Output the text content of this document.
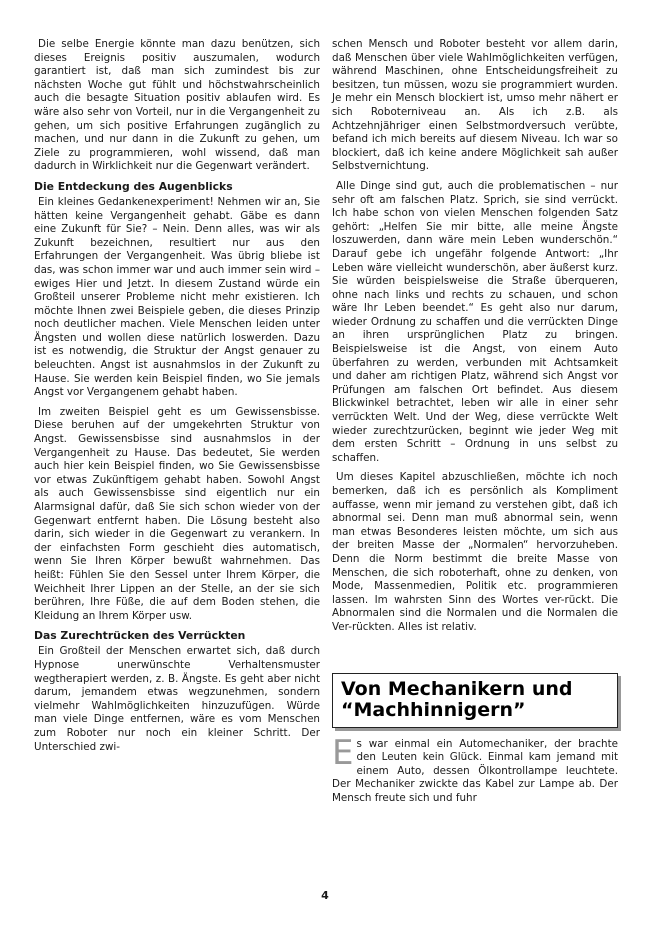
Die selbe Energie könnte man dazu benützen, sich dieses Ereignis positiv auszumalen, wodurch garantiert ist, daß man sich zumindest bis zur nächsten Woche gut fühlt und höchstwahrscheinlich auch die besagte Situation positiv ablaufen wird. Es wäre also sehr von Vorteil, nur in die Vergangenheit zu gehen, um sich positive Erfahrungen zugänglich zu machen, und nur dann in die Zukunft zu gehen, um Ziele zu programmieren, wohl wissend, daß man dadurch in Wirklichkeit nur die Gegenwart verändert.

Die Entdeckung des Augenblicks

Ein kleines Gedankenexperiment! Nehmen wir an, Sie hätten keine Vergangenheit gehabt. Gäbe es dann eine Zukunft für Sie? – Nein. Denn alles, was wir als Zukunft bezeichnen, resultiert nur aus den Erfahrungen der Vergangenheit. Was übrig bliebe ist das, was schon immer war und auch immer sein wird – ewiges Hier und Jetzt. In diesem Zustand würde ein Großteil unserer Probleme nicht mehr existieren. Ich möchte Ihnen zwei Beispiele geben, die dieses Prinzip noch deutlicher machen. Viele Menschen leiden unter Ängsten und wollen diese natürlich loswerden. Dazu ist es notwendig, die Struktur der Angst genauer zu beleuchten. Angst ist ausnahmslos in der Zukunft zu Hause. Sie werden kein Beispiel finden, wo Sie jemals Angst vor Vergangenem gehabt haben.

Im zweiten Beispiel geht es um Gewissensbisse. Diese beruhen auf der umgekehrten Struktur von Angst. Gewissensbisse sind ausnahmslos in der Vergangenheit zu Hause. Das bedeutet, Sie werden auch hier kein Beispiel finden, wo Sie Gewissensbisse vor etwas Zukünftigem gehabt haben. Sowohl Angst als auch Gewissensbisse sind eigentlich nur ein Alarmsignal dafür, daß Sie sich schon wieder von der Gegenwart entfernt haben. Die Lösung besteht also darin, sich wieder in die Gegenwart zu verankern. In der einfachsten Form geschieht dies automatisch, wenn Sie Ihren Körper bewußt wahrnehmen. Das heißt: Fühlen Sie den Sessel unter Ihrem Körper, die Weichheit Ihrer Lippen an der Stelle, an der sie sich berühren, Ihre Füße, die auf dem Boden stehen, die Kleidung an Ihrem Körper usw.

Das Zurechtrücken des Verrückten

Ein Großteil der Menschen erwartet sich, daß durch Hypnose unerwünschte Verhaltensmuster wegtherapiert werden, z. B. Ängste. Es geht aber nicht darum, jemandem etwas wegzunehmen, sondern vielmehr Wahlmöglichkeiten hinzuzufügen. Würde man viele Dinge entfernen, wäre es vom Menschen zum Roboter nur noch ein kleiner Schritt. Der Unterschied zwi-

schen Mensch und Roboter besteht vor allem darin, daß Menschen über viele Wahlmöglichkeiten verfügen, während Maschinen, ohne Entscheidungsfreiheit zu besitzen, tun müssen, wozu sie programmiert wurden. Je mehr ein Mensch blockiert ist, umso mehr nähert er sich Roboterniveau an. Als ich z.B. als Achtzehnjähriger einen Selbstmordversuch verübte, befand ich mich bereits auf diesem Niveau. Ich war so blockiert, daß ich keine andere Möglichkeit sah außer Selbstvernichtung.

Alle Dinge sind gut, auch die problematischen – nur sehr oft am falschen Platz. Sprich, sie sind verrückt. Ich habe schon von vielen Menschen folgenden Satz gehört: „Helfen Sie mir bitte, alle meine Ängste loszuwerden, dann wäre mein Leben wunderschön.“ Darauf gebe ich ungefähr folgende Antwort: „Ihr Leben wäre vielleicht wunderschön, aber äußerst kurz. Sie würden beispielsweise die Straße überqueren, ohne nach links und rechts zu schauen, und schon wäre Ihr Leben beendet.“ Es geht also nur darum, wieder Ordnung zu schaffen und die verrückten Dinge an ihren ursprünglichen Platz zu bringen. Beispielsweise ist die Angst, von einem Auto überfahren zu werden, verbunden mit Achtsamkeit und daher am richtigen Platz, während sich Angst vor Prüfungen am falschen Ort befindet. Aus diesem Blickwinkel betrachtet, leben wir alle in einer sehr verrückten Welt. Und der Weg, diese verrückte Welt wieder zurechtzurücken, beginnt wie jeder Weg mit dem ersten Schritt – Ordnung in uns selbst zu schaffen.

Um dieses Kapitel abzuschließen, möchte ich noch bemerken, daß ich es persönlich als Kompliment auffasse, wenn mir jemand zu verstehen gibt, daß ich abnormal sei. Denn man muß abnormal sein, wenn man etwas Besonderes leisten möchte, um sich aus der breiten Masse der „Normalen“ hervorzuheben. Denn die Norm bestimmt die breite Masse von Menschen, die sich roboterhaft, ohne zu denken, von Mode, Massenmedien, Politik etc. programmieren lassen. Im wahrsten Sinn des Wortes ver-rückt. Die Abnormalen sind die Normalen und die Normalen die Ver-rückten. Alles ist relativ.

Von Mechanikern und “Machhinnigern”

Es war einmal ein Automechaniker, der brachte den Leuten kein Glück. Einmal kam jemand mit einem Auto, dessen Ölkontrollampe leuchtete. Der Mechaniker zwickte das Kabel zur Lampe ab. Der Mensch freute sich und fuhr

4
